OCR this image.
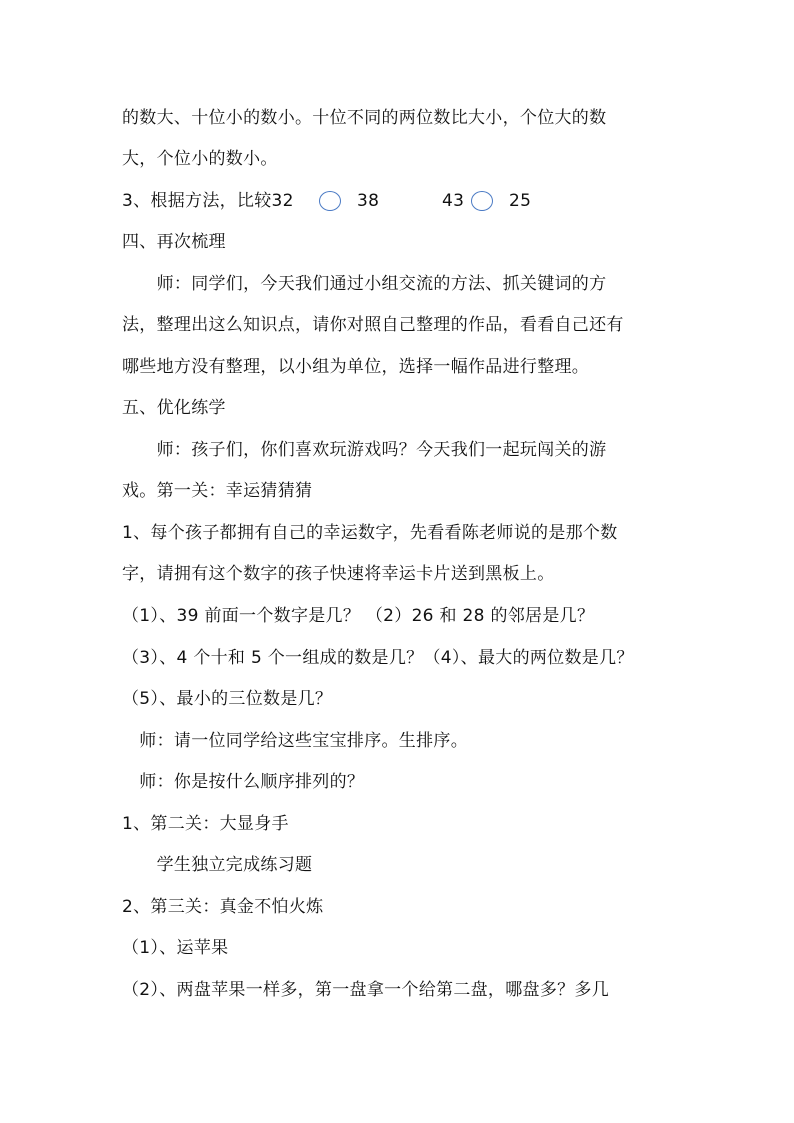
的数大、十位小的数小。十位不同的两位数比大小，个位大的数
大，个位小的数小。
3、根据方法，比较32	38	43	25
四、再次梳理
　　师：同学们，今天我们通过小组交流的方法、抓关键词的方
法，整理出这么知识点，请你对照自己整理的作品，看看自己还有
哪些地方没有整理，以小组为单位，选择一幅作品进行整理。
五、优化练学
　　师：孩子们，你们喜欢玩游戏吗？今天我们一起玩闯关的游
戏。第一关：幸运猜猜猜
1、每个孩子都拥有自己的幸运数字，先看看陈老师说的是那个数
字，请拥有这个数字的孩子快速将幸运卡片送到黑板上。
（1）、39 前面一个数字是几？ （2）26 和 28 的邻居是几？
（3）、4 个十和 5 个一组成的数是几？（4）、最大的两位数是几？
（5）、最小的三位数是几？
　师：请一位同学给这些宝宝排序。生排序。
　师：你是按什么顺序排列的？
1、第二关：大显身手
　　学生独立完成练习题
2、第三关：真金不怕火炼
（1）、运苹果
（2）、两盘苹果一样多，第一盘拿一个给第二盘，哪盘多？多几
